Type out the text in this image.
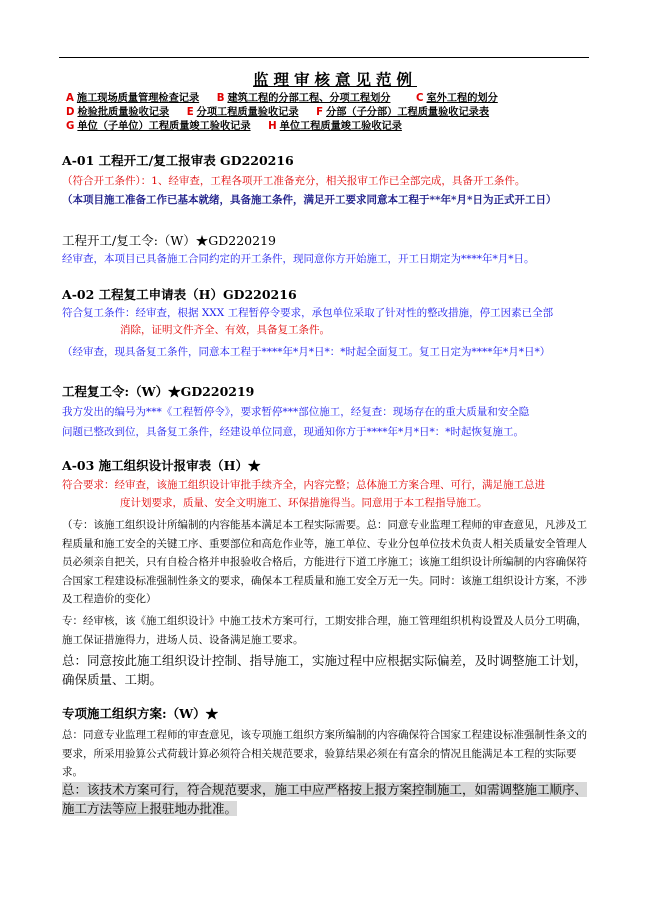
监理审核意见范例
A 施工现场质量管理检查记录 B 建筑工程的分部工程、分项工程划分	C 室外工程的划分
D 检验批质量验收记录 E 分项工程质量验收记录 F 分部（子分部）工程质量验收记录表
G 单位（子单位）工程质量竣工验收记录 H 单位工程质量竣工验收记录
A-01 工程开工/复工报审表 GD220216
（符合开工条件）：1、经审查，工程各项开工准备充分，相关报审工作已全部完成，具备开工条件。
（本项目施工准备工作已基本就绪，具备施工条件，满足开工要求同意本工程于**年*月*日为正式开工日）
工程开工/复工令:（W）★GD220219
经审查，本项目已具备施工合同约定的开工条件，现同意你方开始施工，开工日期定为****年*月*日。
A-02 工程复工申请表（H）GD220216
符合复工条件：经审查，根据 XXX 工程暂停令要求，承包单位采取了针对性的整改措施，停工因素已全部
消除，证明文件齐全、有效，具备复工条件。
（经审查，现具备复工条件，同意本工程于****年*月*日*：*时起全面复工。复工日定为****年*月*日*）
工程复工令:（W）★GD220219
我方发出的编号为***《工程暂停令》，要求暂停***部位施工，经复查：现场存在的重大质量和安全隐
问题已整改到位，具备复工条件，经建设单位同意，现通知你方于****年*月*日*：*时起恢复施工。
A-03 施工组织设计报审表（H）★
符合要求：经审查，该施工组织设计审批手续齐全，内容完整；总体施工方案合理、可行，满足施工总进
度计划要求，质量、安全文明施工、环保措施得当。同意用于本工程指导施工。
（专：该施工组织设计所编制的内容能基本满足本工程实际需要。总：同意专业监理工程师的审查意见，凡涉及工程质量和施工安全的关键工序、重要部位和高危作业等，施工单位、专业分包单位技术负责人相关质量安全管理人员必须亲自把关，只有自检合格并申报验收合格后，方能进行下道工序施工；该施工组织设计所编制的内容确保符合国家工程建设标准强制性条文的要求，确保本工程质量和施工安全万无一失。同时：该施工组织设计方案，不涉及工程造价的变化）
专：经审核，该《施工组织设计》中施工技术方案可行，工期安排合理，施工管理组织机构设置及人员分工明确，施工保证措施得力，进场人员、设备满足施工要求。
总：同意按此施工组织设计控制、指导施工，实施过程中应根据实际偏差，及时调整施工计划，确保质量、工期。
专项施工组织方案:（W）★
总：同意专业监理工程师的审查意见，该专项施工组织方案所编制的内容确保符合国家工程建设标准强制性条文的要求，所采用验算公式荷载计算必须符合相关规范要求，验算结果必须在有富余的情况且能满足本工程的实际要求。
总：该技术方案可行，符合规范要求，施工中应严格按上报方案控制施工，如需调整施工顺序、施工方法等应上报驻地办批准。
